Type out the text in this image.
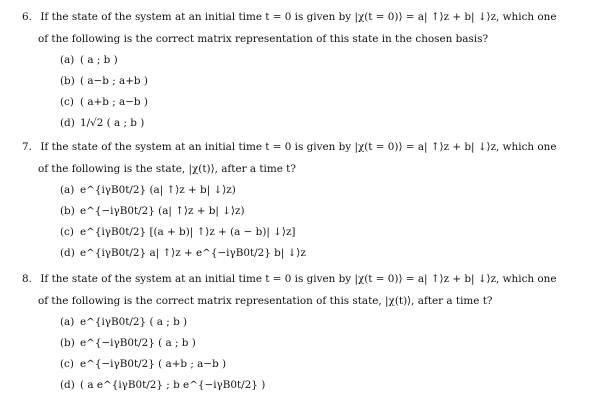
6. If the state of the system at an initial time t = 0 is given by |χ(t = 0)⟩ = a| ↑⟩z + b| ↓⟩z, which one

of the following is the correct matrix representation of this state in the chosen basis?

(a) ( a ; b )
(b) ( a−b ; a+b )
(c) ( a+b ; a−b )
(d) 1/√2 ( a ; b )

7. If the state of the system at an initial time t = 0 is given by |χ(t = 0)⟩ = a| ↑⟩z + b| ↓⟩z, which one

of the following is the state, |χ(t)⟩, after a time t?

(a) e^{iγB0t/2} (a| ↑⟩z + b| ↓⟩z)
(b) e^{−iγB0t/2} (a| ↑⟩z + b| ↓⟩z)
(c) e^{iγB0t/2} [(a + b)| ↑⟩z + (a − b)| ↓⟩z]
(d) e^{iγB0t/2} a| ↑⟩z + e^{−iγB0t/2} b| ↓⟩z

8. If the state of the system at an initial time t = 0 is given by |χ(t = 0)⟩ = a| ↑⟩z + b| ↓⟩z, which one

of the following is the correct matrix representation of this state, |χ(t)⟩, after a time t?

(a) e^{iγB0t/2} ( a ; b )
(b) e^{−iγB0t/2} ( a ; b )
(c) e^{−iγB0t/2} ( a+b ; a−b )
(d) ( a e^{iγB0t/2} ; b e^{−iγB0t/2} )
